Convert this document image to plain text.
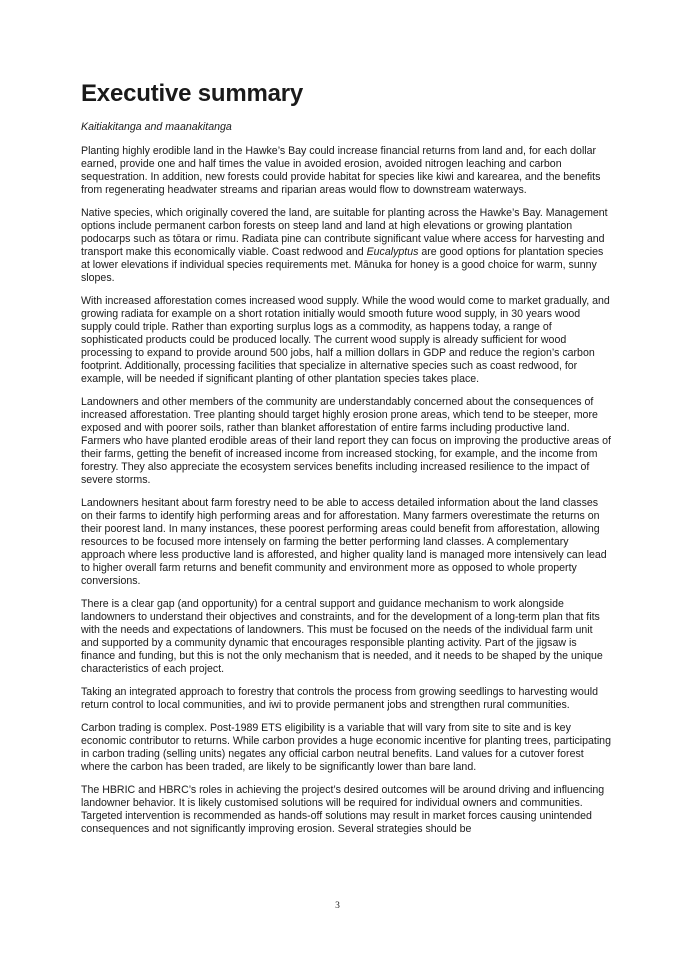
Executive summary

Kaitiakitanga and maanakitanga

Planting highly erodible land in the Hawke’s Bay could increase financial returns from land and, for each dollar earned, provide one and half times the value in avoided erosion, avoided nitrogen leaching and carbon sequestration. In addition, new forests could provide habitat for species like kiwi and karearea, and the benefits from regenerating headwater streams and riparian areas would flow to downstream waterways.

Native species, which originally covered the land, are suitable for planting across the Hawke’s Bay. Management options include permanent carbon forests on steep land and land at high elevations or growing plantation podocarps such as tōtara or rimu. Radiata pine can contribute significant value where access for harvesting and transport make this economically viable. Coast redwood and Eucalyptus are good options for plantation species at lower elevations if individual species requirements met. Mānuka for honey is a good choice for warm, sunny slopes.

With increased afforestation comes increased wood supply. While the wood would come to market gradually, and growing radiata for example on a short rotation initially would smooth future wood supply, in 30 years wood supply could triple. Rather than exporting surplus logs as a commodity, as happens today, a range of sophisticated products could be produced locally. The current wood supply is already sufficient for wood processing to expand to provide around 500 jobs, half a million dollars in GDP and reduce the region’s carbon footprint. Additionally, processing facilities that specialize in alternative species such as coast redwood, for example, will be needed if significant planting of other plantation species takes place.

Landowners and other members of the community are understandably concerned about the consequences of increased afforestation. Tree planting should target highly erosion prone areas, which tend to be steeper, more exposed and with poorer soils, rather than blanket afforestation of entire farms including productive land. Farmers who have planted erodible areas of their land report they can focus on improving the productive areas of their farms, getting the benefit of increased income from increased stocking, for example, and the income from forestry. They also appreciate the ecosystem services benefits including increased resilience to the impact of severe storms.

Landowners hesitant about farm forestry need to be able to access detailed information about the land classes on their farms to identify high performing areas and for afforestation. Many farmers overestimate the returns on their poorest land. In many instances, these poorest performing areas could benefit from afforestation, allowing resources to be focused more intensely on farming the better performing land classes. A complementary approach where less productive land is afforested, and higher quality land is managed more intensively can lead to higher overall farm returns and benefit community and environment more as opposed to whole property conversions.

There is a clear gap (and opportunity) for a central support and guidance mechanism to work alongside landowners to understand their objectives and constraints, and for the development of a long-term plan that fits with the needs and expectations of landowners. This must be focused on the needs of the individual farm unit and supported by a community dynamic that encourages responsible planting activity. Part of the jigsaw is finance and funding, but this is not the only mechanism that is needed, and it needs to be shaped by the unique characteristics of each project.

Taking an integrated approach to forestry that controls the process from growing seedlings to harvesting would return control to local communities, and iwi to provide permanent jobs and strengthen rural communities.

Carbon trading is complex. Post-1989 ETS eligibility is a variable that will vary from site to site and is key economic contributor to returns. While carbon provides a huge economic incentive for planting trees, participating in carbon trading (selling units) negates any official carbon neutral benefits. Land values for a cutover forest where the carbon has been traded, are likely to be significantly lower than bare land.

The HBRIC and HBRC’s roles in achieving the project’s desired outcomes will be around driving and influencing landowner behavior. It is likely customised solutions will be required for individual owners and communities. Targeted intervention is recommended as hands-off solutions may result in market forces causing unintended consequences and not significantly improving erosion. Several strategies should be

3
